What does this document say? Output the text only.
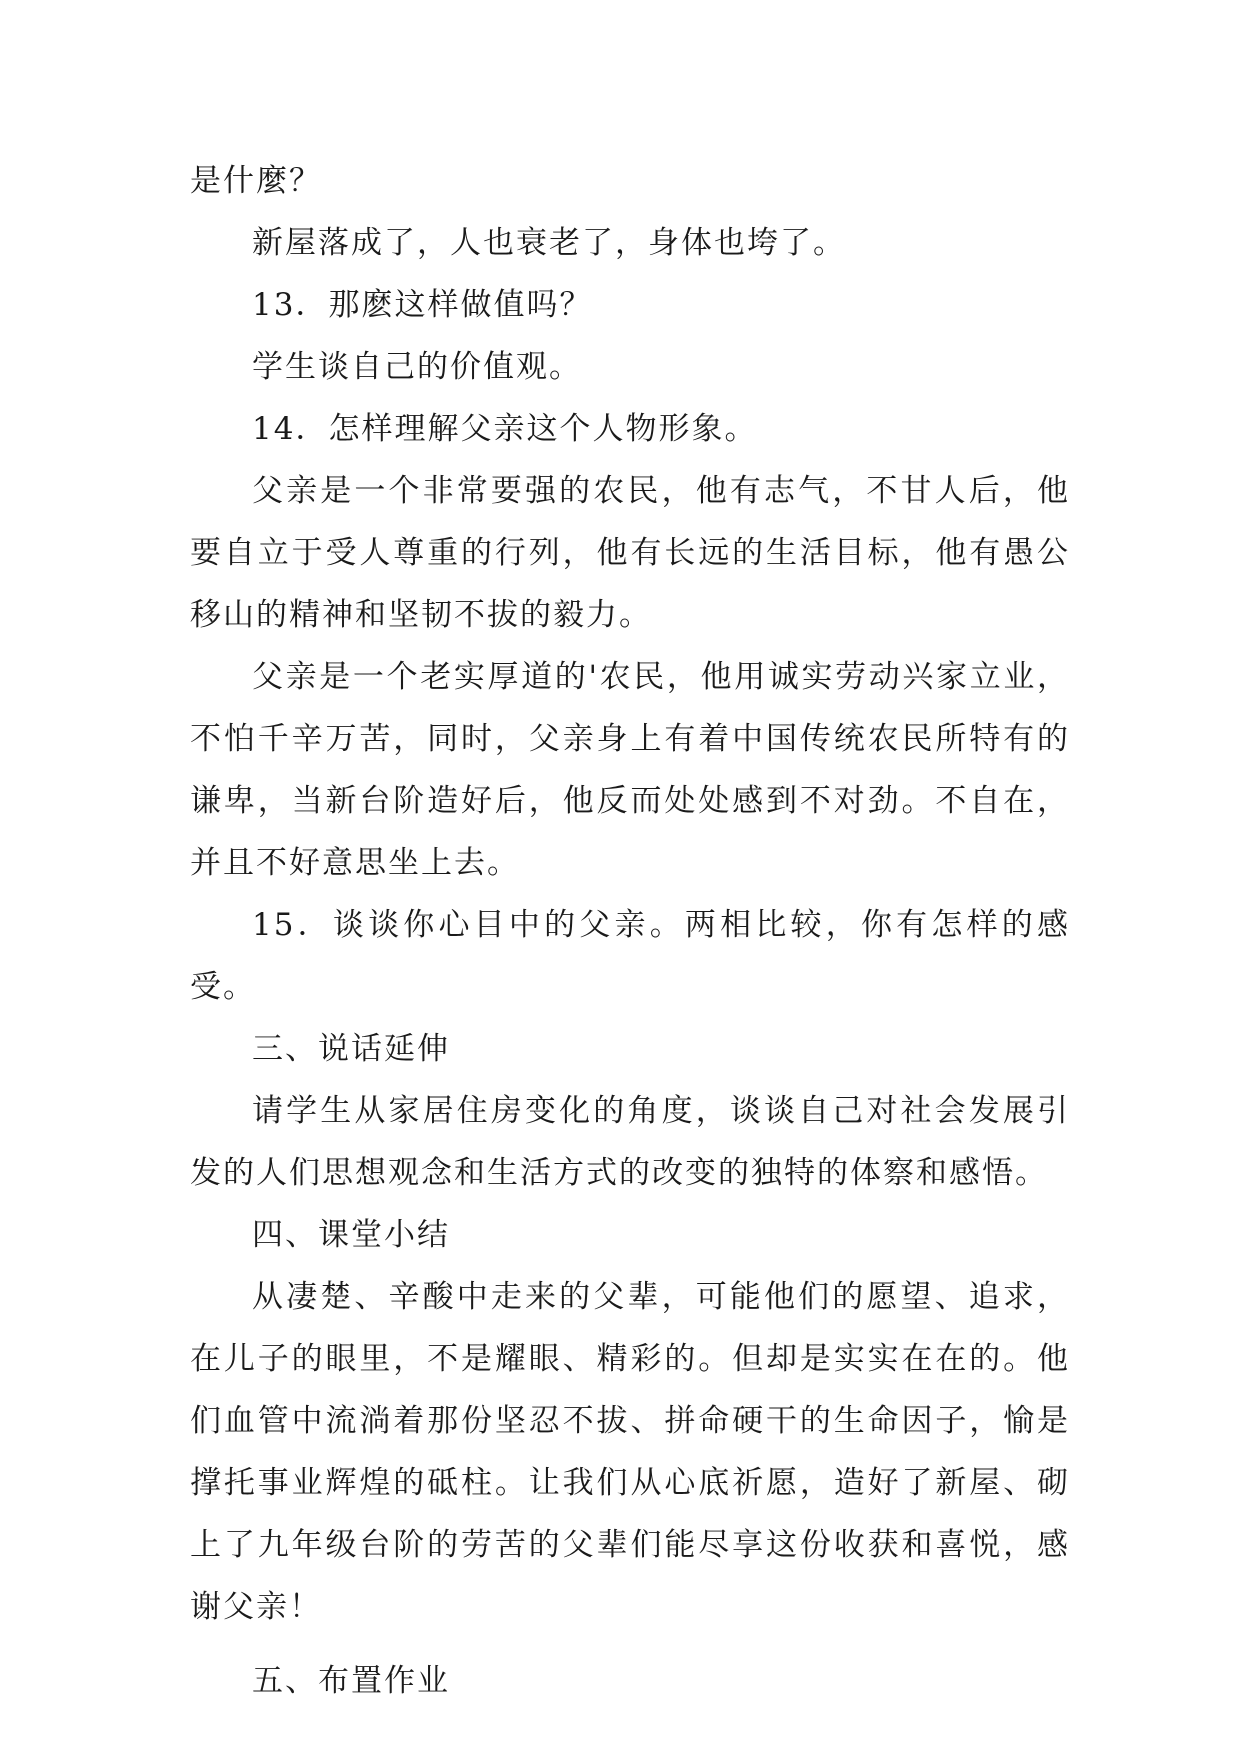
是什麼？

新屋落成了，人也衰老了，身体也垮了。

13．那麽这样做值吗？

学生谈自己的价值观。

14．怎样理解父亲这个人物形象。

父亲是一个非常要强的农民，他有志气，不甘人后，他要自立于受人尊重的行列，他有长远的生活目标，他有愚公移山的精神和坚韧不拔的毅力。

父亲是一个老实厚道的'农民，他用诚实劳动兴家立业，不怕千辛万苦，同时，父亲身上有着中国传统农民所特有的谦卑，当新台阶造好后，他反而处处感到不对劲。不自在，并且不好意思坐上去。

15．谈谈你心目中的父亲。两相比较，你有怎样的感受。

三、说话延伸

请学生从家居住房变化的角度，谈谈自己对社会发展引发的人们思想观念和生活方式的改变的独特的体察和感悟。

四、课堂小结

从凄楚、辛酸中走来的父辈，可能他们的愿望、追求，在儿子的眼里，不是耀眼、精彩的。但却是实实在在的。他们血管中流淌着那份坚忍不拔、拼命硬干的生命因子，愉是撑托事业辉煌的砥柱。让我们从心底祈愿，造好了新屋、砌上了九年级台阶的劳苦的父辈们能尽享这份收获和喜悦，感谢父亲！

五、布置作业
